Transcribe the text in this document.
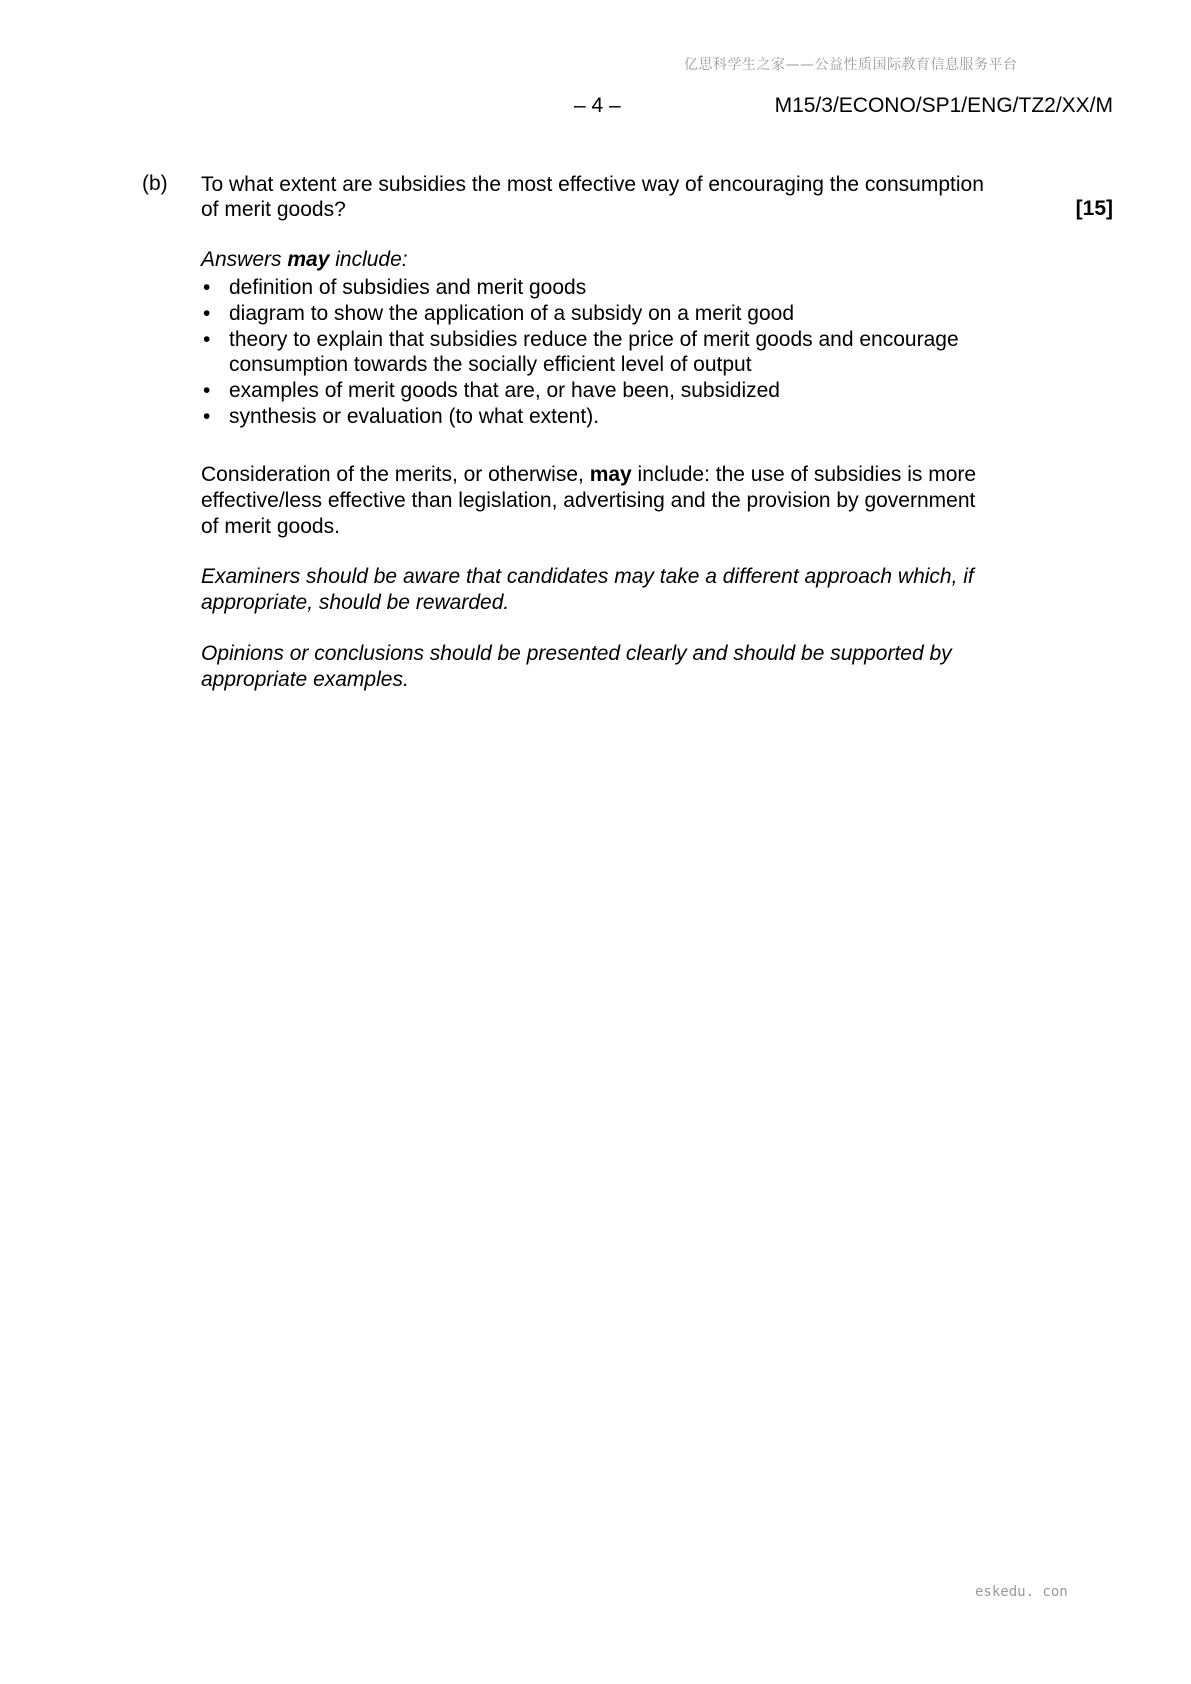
亿思科学生之家——公益性质国际教育信息服务平台
– 4 –	M15/3/ECONO/SP1/ENG/TZ2/XX/M
(b) To what extent are subsidies the most effective way of encouraging the consumption of merit goods?	[15]
Answers may include:
• definition of subsidies and merit goods
• diagram to show the application of a subsidy on a merit good
• theory to explain that subsidies reduce the price of merit goods and encourage consumption towards the socially efficient level of output
• examples of merit goods that are, or have been, subsidized
• synthesis or evaluation (to what extent).
Consideration of the merits, or otherwise, may include: the use of subsidies is more effective/less effective than legislation, advertising and the provision by government of merit goods.
Examiners should be aware that candidates may take a different approach which, if appropriate, should be rewarded.
Opinions or conclusions should be presented clearly and should be supported by appropriate examples.
eskedu. con
